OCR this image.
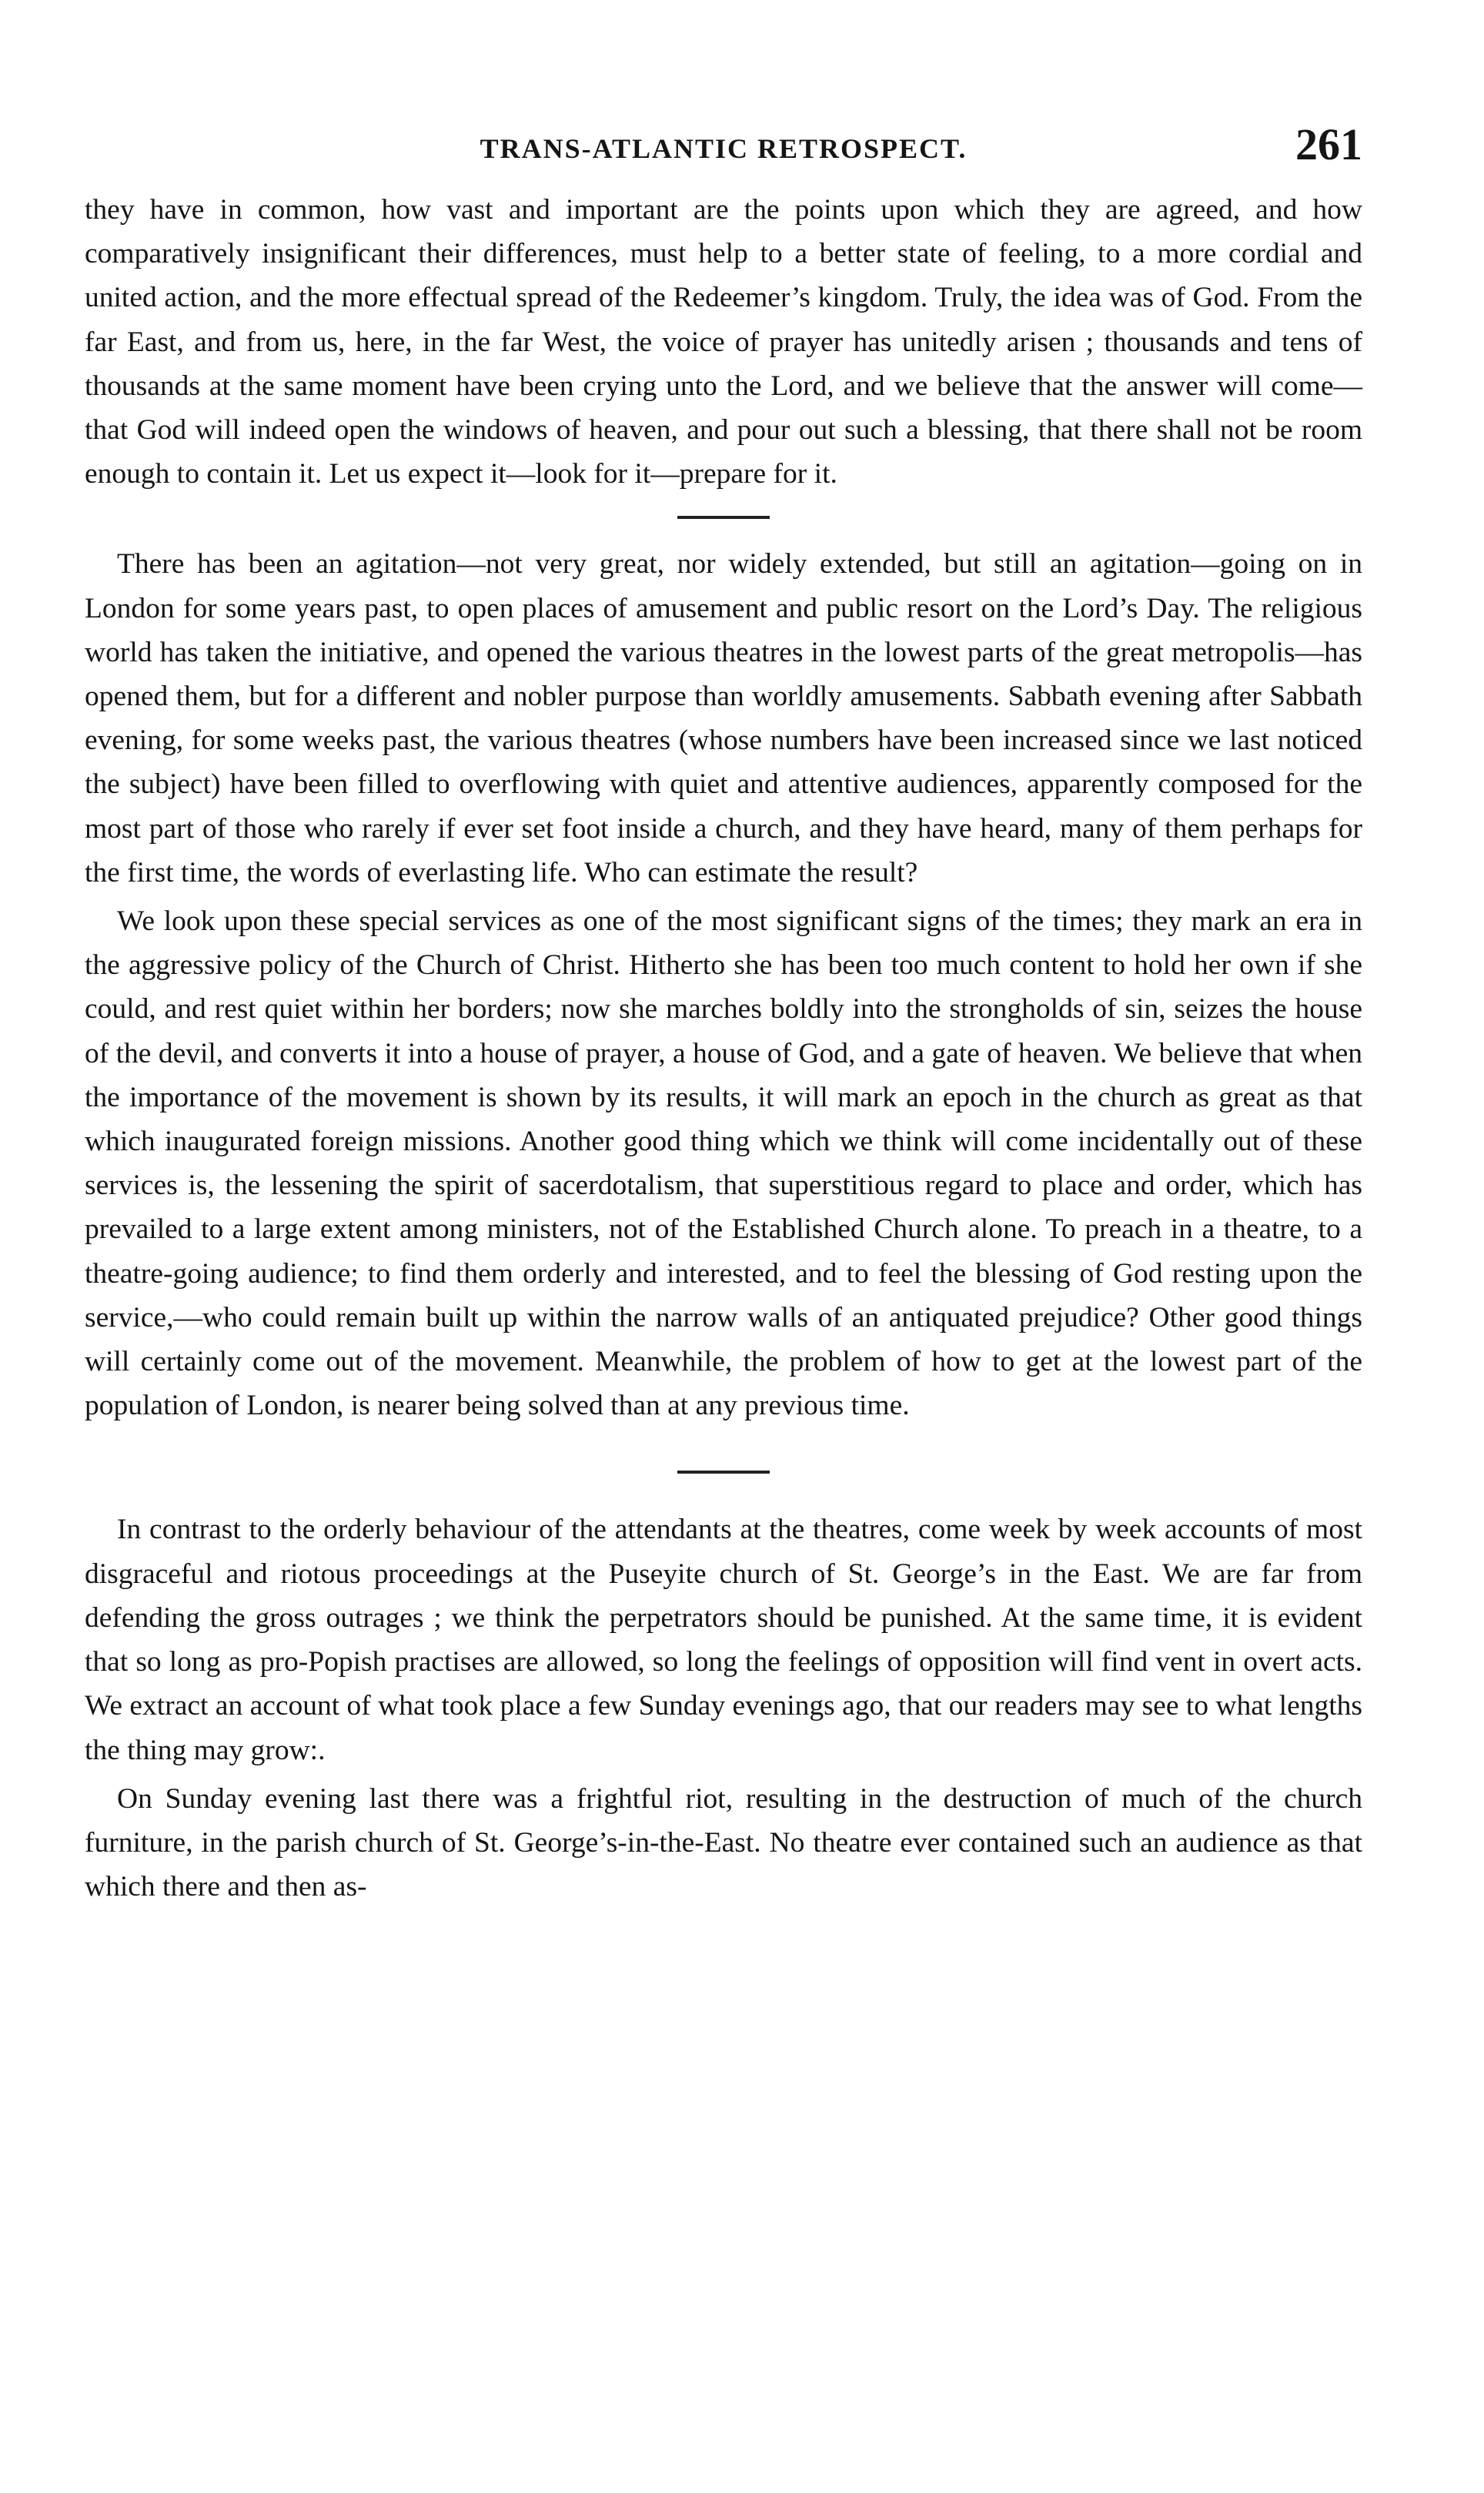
TRANS-ATLANTIC RETROSPECT.	261

they have in common, how vast and important are the points upon which they are agreed, and how comparatively insignificant their differences, must help to a better state of feeling, to a more cordial and united action, and the more effectual spread of the Redeemer’s kingdom. Truly, the idea was of God. From the far East, and from us, here, in the far West, the voice of prayer has unitedly arisen ; thousands and tens of thousands at the same moment have been crying unto the Lord, and we believe that the answer will come—that God will indeed open the windows of heaven, and pour out such a blessing, that there shall not be room enough to contain it. Let us expect it—look for it—prepare for it.

There has been an agitation—not very great, nor widely extended, but still an agitation—going on in London for some years past, to open places of amusement and public resort on the Lord’s Day. The religious world has taken the initiative, and opened the various theatres in the lowest parts of the great metropolis—has opened them, but for a different and nobler purpose than worldly amusements. Sabbath evening after Sabbath evening, for some weeks past, the various theatres (whose numbers have been increased since we last noticed the subject) have been filled to overflowing with quiet and attentive audiences, apparently composed for the most part of those who rarely if ever set foot inside a church, and they have heard, many of them perhaps for the first time, the words of everlasting life. Who can estimate the result?

We look upon these special services as one of the most significant signs of the times; they mark an era in the aggressive policy of the Church of Christ. Hitherto she has been too much content to hold her own if she could, and rest quiet within her borders; now she marches boldly into the strongholds of sin, seizes the house of the devil, and converts it into a house of prayer, a house of God, and a gate of heaven. We believe that when the importance of the movement is shown by its results, it will mark an epoch in the church as great as that which inaugurated foreign missions. Another good thing which we think will come incidentally out of these services is, the lessening the spirit of sacerdotalism, that superstitious regard to place and order, which has prevailed to a large extent among ministers, not of the Established Church alone. To preach in a theatre, to a theatre-going audience; to find them orderly and interested, and to feel the blessing of God resting upon the service,—who could remain built up within the narrow walls of an antiquated prejudice? Other good things will certainly come out of the movement. Meanwhile, the problem of how to get at the lowest part of the population of London, is nearer being solved than at any previous time.

In contrast to the orderly behaviour of the attendants at the theatres, come week by week accounts of most disgraceful and riotous proceedings at the Puseyite church of St. George’s in the East. We are far from defending the gross outrages ; we think the perpetrators should be punished. At the same time, it is evident that so long as pro-Popish practises are allowed, so long the feelings of opposition will find vent in overt acts. We extract an account of what took place a few Sunday evenings ago, that our readers may see to what lengths the thing may grow:.

On Sunday evening last there was a frightful riot, resulting in the destruction of much of the church furniture, in the parish church of St. George’s-in-the-East. No theatre ever contained such an audience as that which there and then as-
